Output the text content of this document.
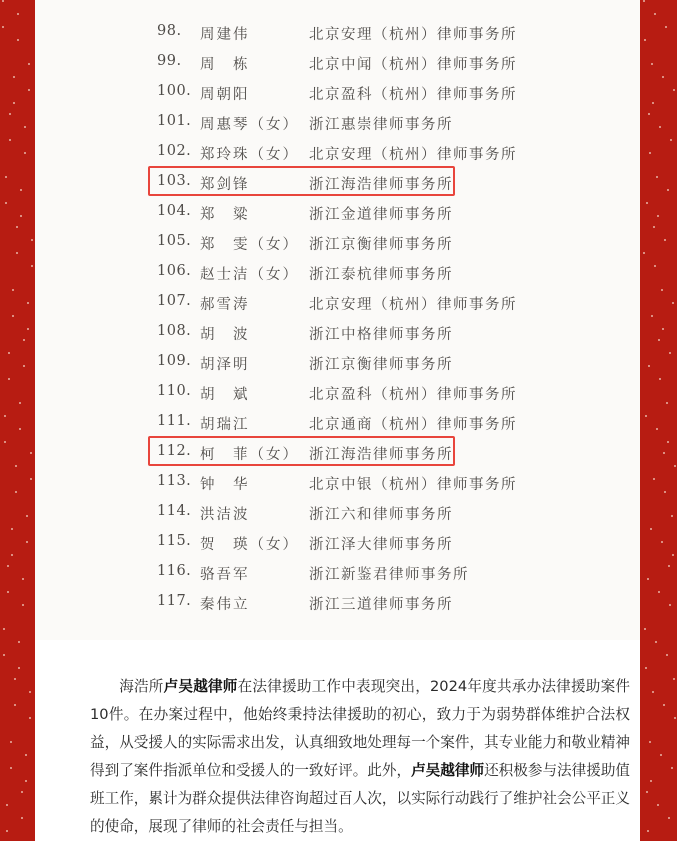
98. 周建伟	北京安理（杭州）律师事务所
99. 周　栋	北京中闻（杭州）律师事务所
100. 周朝阳	北京盈科（杭州）律师事务所
101. 周惠琴（女） 浙江惠崇律师事务所
102. 郑玲珠（女） 北京安理（杭州）律师事务所
103. 郑剑锋	浙江海浩律师事务所
104. 郑　粱	浙江金道律师事务所
105. 郑　雯（女） 浙江京衡律师事务所
106. 赵士洁（女） 浙江泰杭律师事务所
107. 郝雪涛	北京安理（杭州）律师事务所
108. 胡　波	浙江中格律师事务所
109. 胡泽明	浙江京衡律师事务所
110. 胡　斌	北京盈科（杭州）律师事务所
111. 胡瑞江	北京通商（杭州）律师事务所
112. 柯　菲（女） 浙江海浩律师事务所
113. 钟　华	北京中银（杭州）律师事务所
114. 洪洁波	浙江六和律师事务所
115. 贺　瑛（女） 浙江泽大律师事务所
116. 骆吾军	浙江新鉴君律师事务所
117. 秦伟立	浙江三道律师事务所

海浩所卢吴越律师在法律援助工作中表现突出，2024年度共承办法律援助案件10件。在办案过程中，他始终秉持法律援助的初心，致力于为弱势群体维护合法权益，从受援人的实际需求出发，认真细致地处理每一个案件，其专业能力和敬业精神得到了案件指派单位和受援人的一致好评。此外，卢吴越律师还积极参与法律援助值班工作，累计为群众提供法律咨询超过百人次，以实际行动践行了维护社会公平正义的使命，展现了律师的社会责任与担当。
